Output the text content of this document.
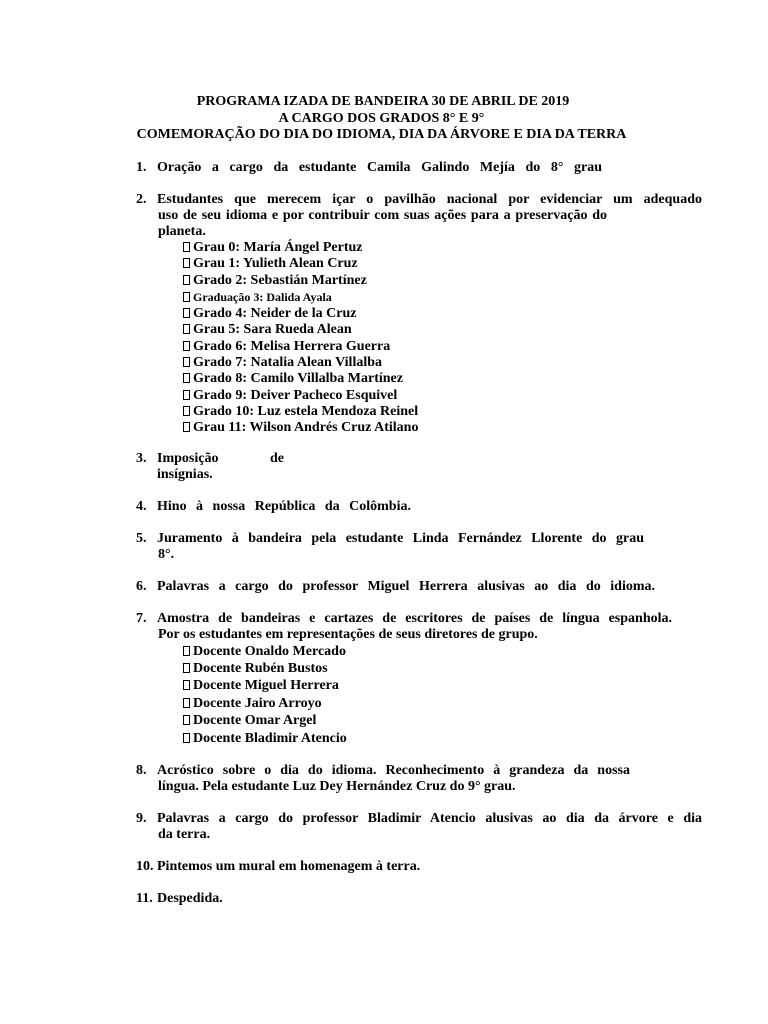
PROGRAMA IZADA DE BANDEIRA 30 DE ABRIL DE 2019
A CARGO DOS GRADOS 8° E 9°
COMEMORAÇÃO DO DIA DO IDIOMA, DIA DA ÁRVORE E DIA DA TERRA
1. Oração a cargo da estudante Camila Galindo Mejía do 8° grau
2. Estudantes que merecem içar o pavilhão nacional por evidenciar um adequado
uso de seu idioma e por contribuir com suas ações para a preservação do
planeta.
Grau 0: María Ángel Pertuz
Grau 1: Yulieth Alean Cruz
Grado 2: Sebastián Martínez
Graduação 3: Dalida Ayala
Grado 4: Neider de la Cruz
Grau 5: Sara Rueda Alean
Grado 6: Melisa Herrera Guerra
Grado 7: Natalia Alean Villalba
Grado 8: Camilo Villalba Martínez
Grado 9: Deiver Pacheco Esquivel
Grado 10: Luz estela Mendoza Reinel
Grau 11: Wilson Andrés Cruz Atilano
3. Imposição de insígnias.
4. Hino à nossa República da Colômbia.
5. Juramento à bandeira pela estudante Linda Fernández Llorente do grau
8°.
6. Palavras a cargo do professor Miguel Herrera alusivas ao dia do idioma.
7. Amostra de bandeiras e cartazes de escritores de países de língua espanhola.
Por os estudantes em representações de seus diretores de grupo.
Docente Onaldo Mercado
Docente Rubén Bustos
Docente Miguel Herrera
Docente Jairo Arroyo
Docente Omar Argel
Docente Bladimir Atencio
8. Acróstico sobre o dia do idioma. Reconhecimento à grandeza da nossa
língua. Pela estudante Luz Dey Hernández Cruz do 9° grau.
9. Palavras a cargo do professor Bladimir Atencio alusivas ao dia da árvore e dia
da terra.
10. Pintemos um mural em homenagem à terra.
11. Despedida.
